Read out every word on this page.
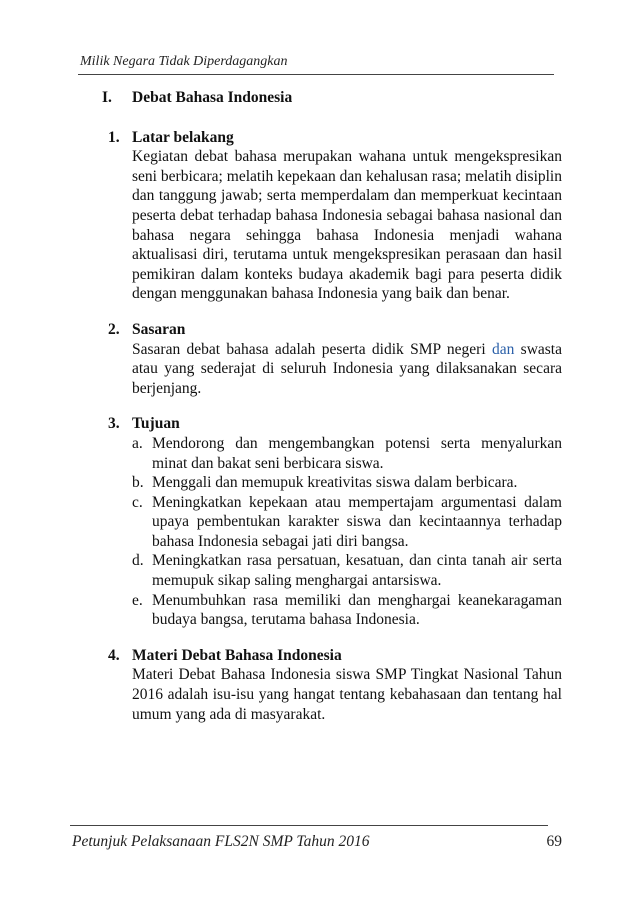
Milik Negara Tidak Diperdagangkan
I.	Debat Bahasa Indonesia
1. Latar belakang
Kegiatan debat bahasa merupakan wahana untuk mengekspresikan seni berbicara; melatih kepekaan dan kehalusan rasa; melatih disiplin dan tanggung jawab; serta memperdalam dan memperkuat kecintaan peserta debat terhadap bahasa Indonesia sebagai bahasa nasional dan bahasa negara sehingga bahasa Indonesia menjadi wahana aktualisasi diri, terutama untuk mengekspresikan perasaan dan hasil pemikiran dalam konteks budaya akademik bagi para peserta didik dengan menggunakan bahasa Indonesia yang baik dan benar.
2. Sasaran
Sasaran debat bahasa adalah peserta didik SMP negeri dan swasta atau yang sederajat di seluruh Indonesia yang dilaksanakan secara berjenjang.
3. Tujuan
a. Mendorong dan mengembangkan potensi serta menyalurkan minat dan bakat seni berbicara siswa.
b. Menggali dan memupuk kreativitas siswa dalam berbicara.
c. Meningkatkan kepekaan atau mempertajam argumentasi dalam upaya pembentukan karakter siswa dan kecintaannya terhadap bahasa Indonesia sebagai jati diri bangsa.
d. Meningkatkan rasa persatuan, kesatuan, dan cinta tanah air serta memupuk sikap saling menghargai antarsiswa.
e. Menumbuhkan rasa memiliki dan menghargai keanekaragaman budaya bangsa, terutama bahasa Indonesia.
4. Materi Debat Bahasa Indonesia
Materi Debat Bahasa Indonesia siswa SMP Tingkat Nasional Tahun 2016 adalah isu-isu yang hangat tentang kebahasaan dan tentang hal umum yang ada di masyarakat.
Petunjuk Pelaksanaan FLS2N SMP Tahun 2016	69
